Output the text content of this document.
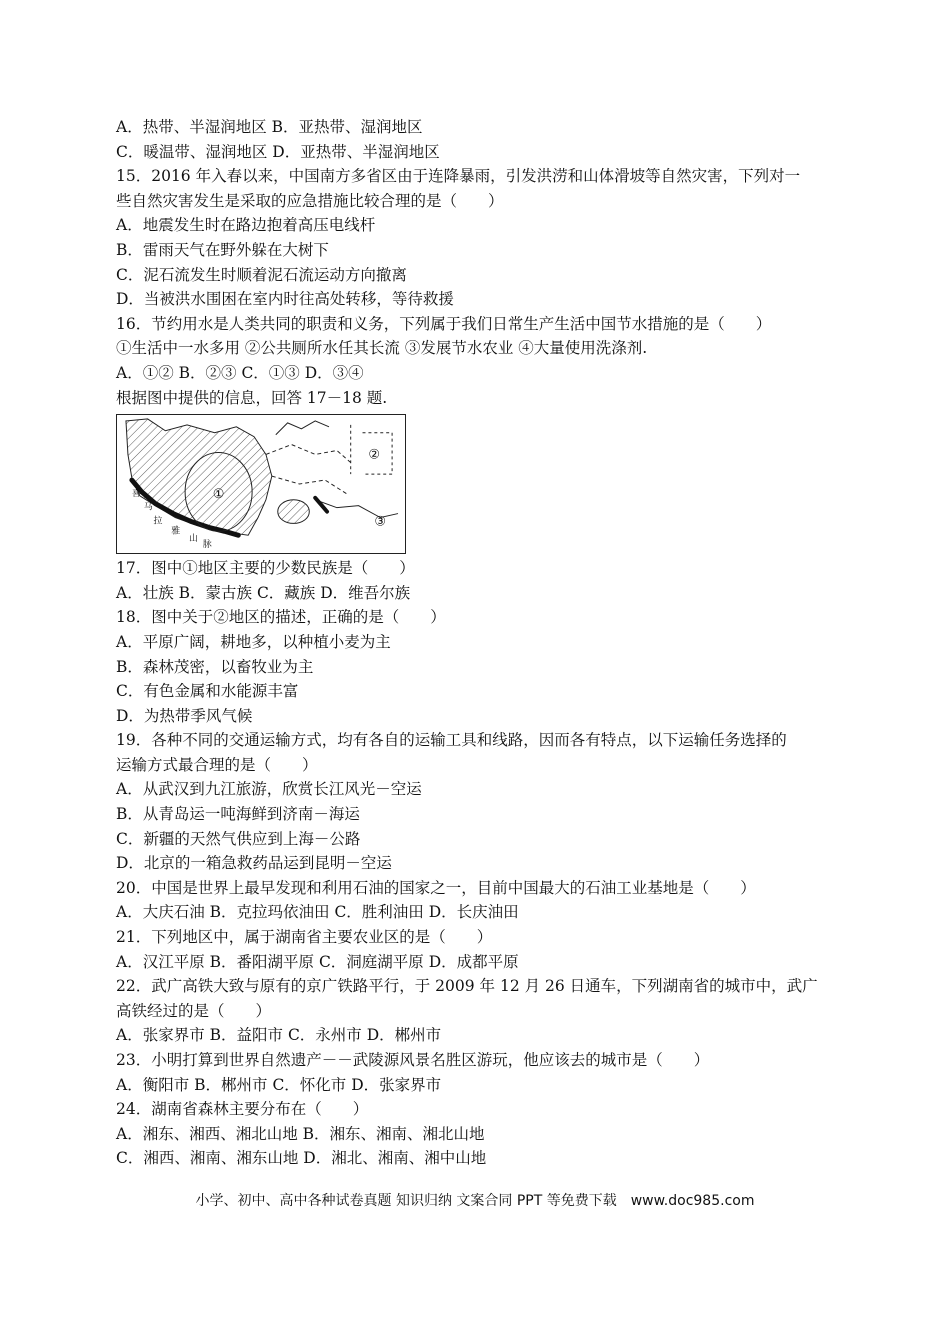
A．热带、半湿润地区 B．亚热带、湿润地区
C．暖温带、湿润地区 D．亚热带、半湿润地区
15．2016 年入春以来，中国南方多省区由于连降暴雨，引发洪涝和山体滑坡等自然灾害，下列对一
些自然灾害发生是采取的应急措施比较合理的是（　　）
A．地震发生时在路边抱着高压电线杆
B．雷雨天气在野外躲在大树下
C．泥石流发生时顺着泥石流运动方向撤离
D．当被洪水围困在室内时往高处转移，等待救援
16．节约用水是人类共同的职责和义务，下列属于我们日常生产生活中国节水措施的是（　　）
①生活中一水多用 ②公共厕所水任其长流 ③发展节水农业 ④大量使用洗涤剂.
A．①② B．②③ C．①③ D．③④
根据图中提供的信息，回答 17－18 题.
①
②
③
喜
马
拉
雅
山
脉
17．图中①地区主要的少数民族是（　　）
A．壮族 B．蒙古族 C．藏族 D．维吾尔族
18．图中关于②地区的描述，正确的是（　　）
A．平原广阔，耕地多，以种植小麦为主
B．森林茂密，以畜牧业为主
C．有色金属和水能源丰富
D．为热带季风气候
19．各种不同的交通运输方式，均有各自的运输工具和线路，因而各有特点，以下运输任务选择的
运输方式最合理的是（　　）
A．从武汉到九江旅游，欣赏长江风光－空运
B．从青岛运一吨海鲜到济南－海运
C．新疆的天然气供应到上海－公路
D．北京的一箱急救药品运到昆明－空运
20．中国是世界上最早发现和利用石油的国家之一，目前中国最大的石油工业基地是（　　）
A．大庆石油 B．克拉玛依油田 C．胜利油田 D．长庆油田
21．下列地区中，属于湖南省主要农业区的是（　　）
A．汉江平原 B．番阳湖平原 C．洞庭湖平原 D．成都平原
22．武广高铁大致与原有的京广铁路平行，于 2009 年 12 月 26 日通车，下列湖南省的城市中，武广
高铁经过的是（　　）
A．张家界市 B．益阳市 C．永州市 D．郴州市
23．小明打算到世界自然遗产－－武陵源风景名胜区游玩，他应该去的城市是（　　）
A．衡阳市 B．郴州市 C．怀化市 D．张家界市
24．湖南省森林主要分布在（　　）
A．湘东、湘西、湘北山地 B．湘东、湘南、湘北山地
C．湘西、湘南、湘东山地 D．湘北、湘南、湘中山地
小学、初中、高中各种试卷真题 知识归纳 文案合同 PPT 等免费下载　www.doc985.com
